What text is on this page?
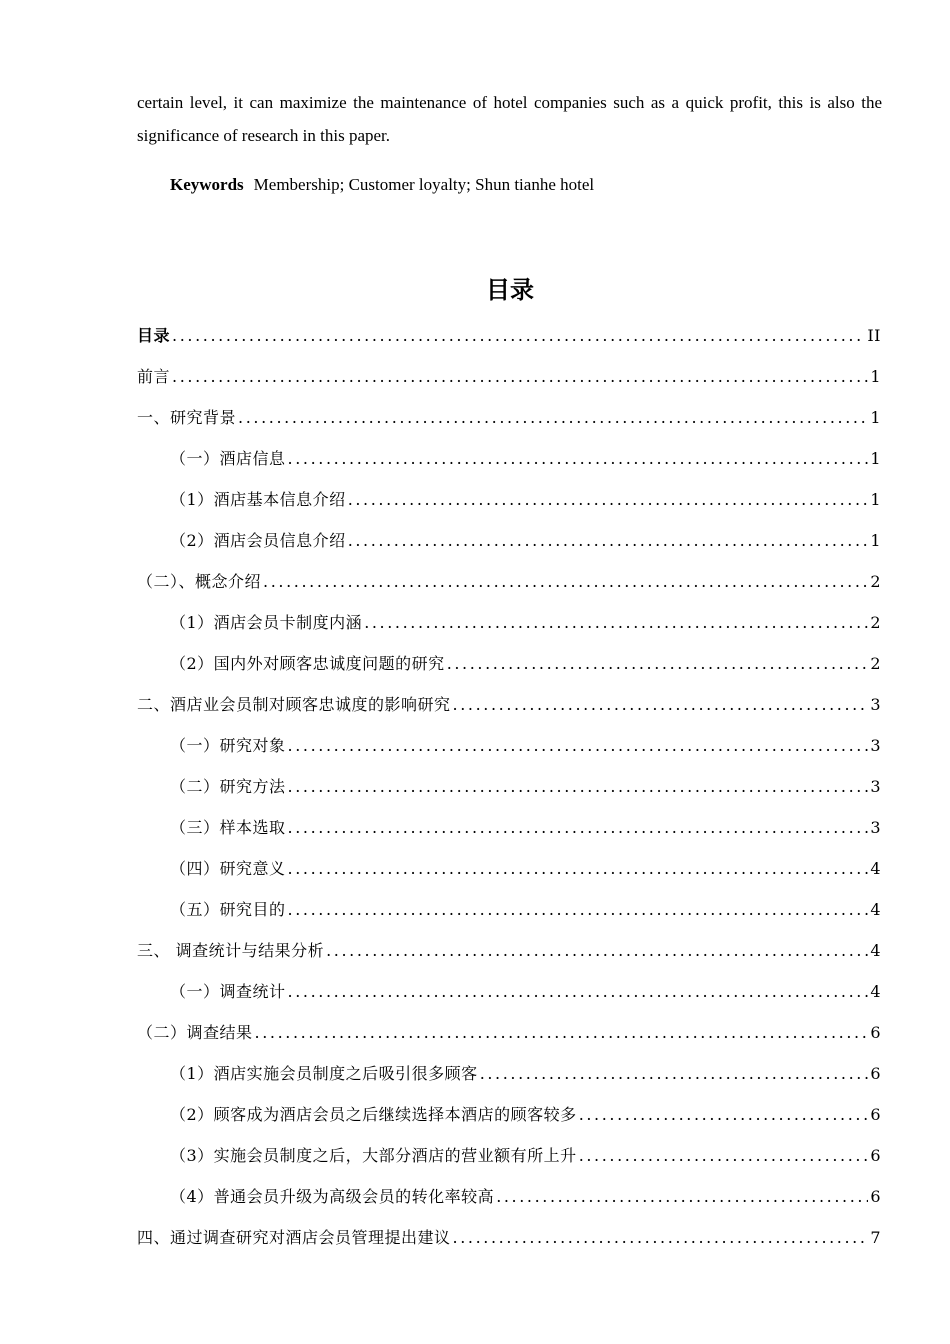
certain level, it can maximize the maintenance of hotel companies such as a quick profit, this is also the significance of research in this paper.

Keywords Membership; Customer loyalty; Shun tianhe hotel
目录
目录 .....	II
前言 .....	1
一、研究背景 .....	1
（一）酒店信息 .....	1
（1）酒店基本信息介绍 .....	1
（2）酒店会员信息介绍 .....	1
（二）、概念介绍 .....	2
（1）酒店会员卡制度内涵 .....	2
（2）国内外对顾客忠诚度问题的研究 .....	2
二、酒店业会员制对顾客忠诚度的影响研究 .....	3
（一）研究对象 .....	3
（二）研究方法 .....	3
（三）样本选取 .....	3
（四）研究意义 .....	4
（五）研究目的 .....	4
三、 调查统计与结果分析 .....	4
（一）调查统计 .....	4
（二）调查结果 .....	6
（1）酒店实施会员制度之后吸引很多顾客 .....	6
（2）顾客成为酒店会员之后继续选择本酒店的顾客较多 .....	6
（3）实施会员制度之后，大部分酒店的营业额有所上升 .....	6
（4）普通会员升级为高级会员的转化率较高 .....	6
四、通过调查研究对酒店会员管理提出建议 .....	7
